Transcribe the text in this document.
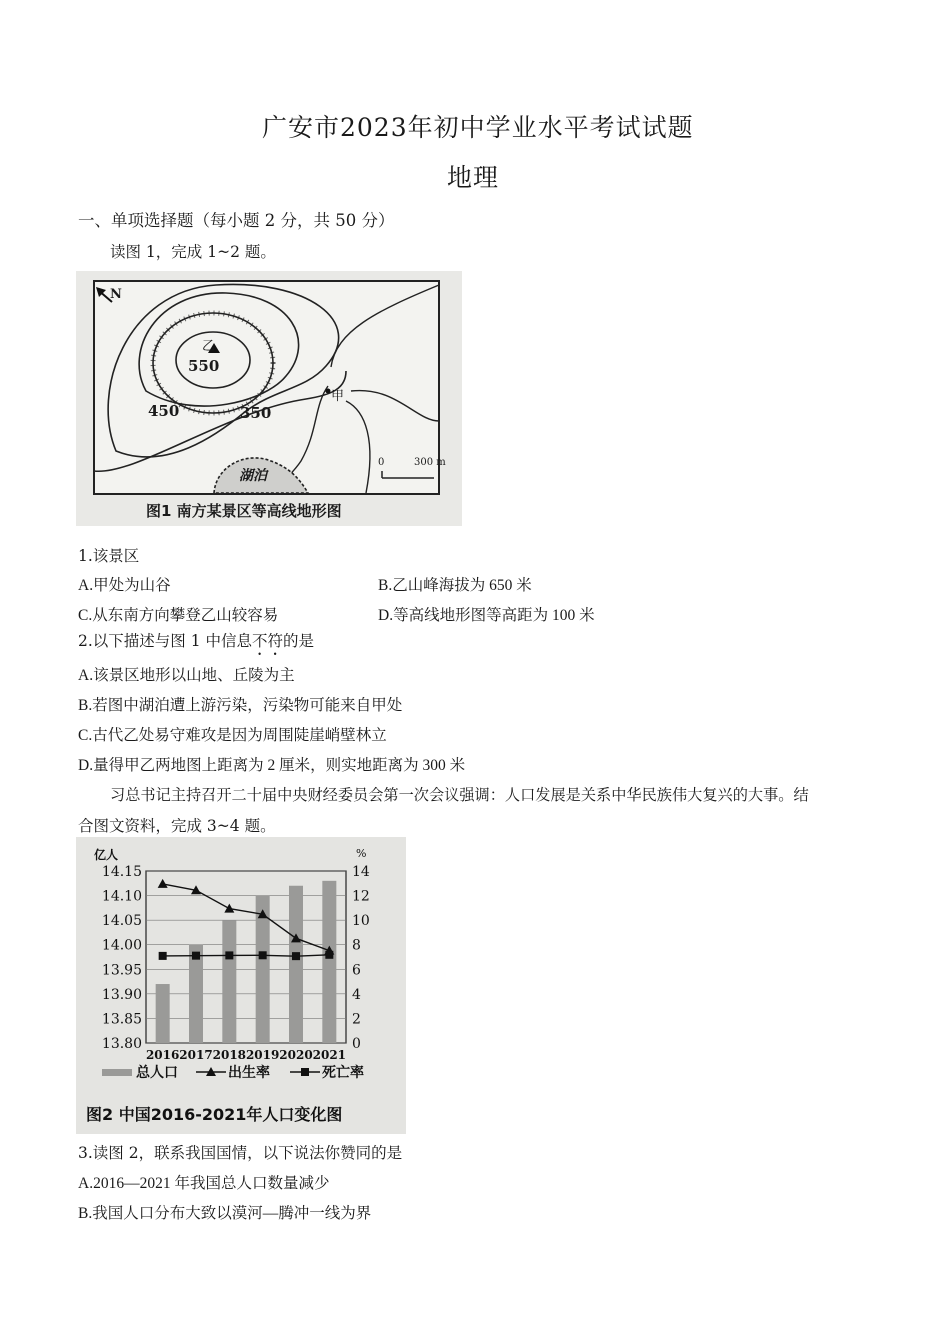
广安市2023年初中学业水平考试试题
地理
一、单项选择题（每小题 2 分，共 50 分）
读图 1，完成 1~2 题。
N
乙
550
450	350
甲
湖泊
0	300 m
图1 南方某景区等高线地形图
1.该景区
A.甲处为山谷	B.乙山峰海拔为 650 米
C.从东南方向攀登乙山较容易	D.等高线地形图等高距为 100 米
2.以下描述与图 1 中信息不符的是
A.该景区地形以山地、丘陵为主
B.若图中湖泊遭上游污染，污染物可能来自甲处
C.古代乙处易守难攻是因为周围陡崖峭壁林立
D.量得甲乙两地图上距离为 2 厘米，则实地距离为 300 米
习总书记主持召开二十届中央财经委员会第一次会议强调：人口发展是关系中华民族伟大复兴的大事。结
合图文资料，完成 3~4 题。
14.15
14.10
14.05
14.00
13.95
13.90
13.85
13.80
14
12
10
8
6
4
2
0
亿人	%
2016 2017 2018 2019 2020 2021
总人口	出生率	死亡率
图2 中国2016-2021年人口变化图
3.读图 2，联系我国国情，以下说法你赞同的是
A.2016—2021 年我国总人口数量减少
B.我国人口分布大致以漠河—腾冲一线为界
